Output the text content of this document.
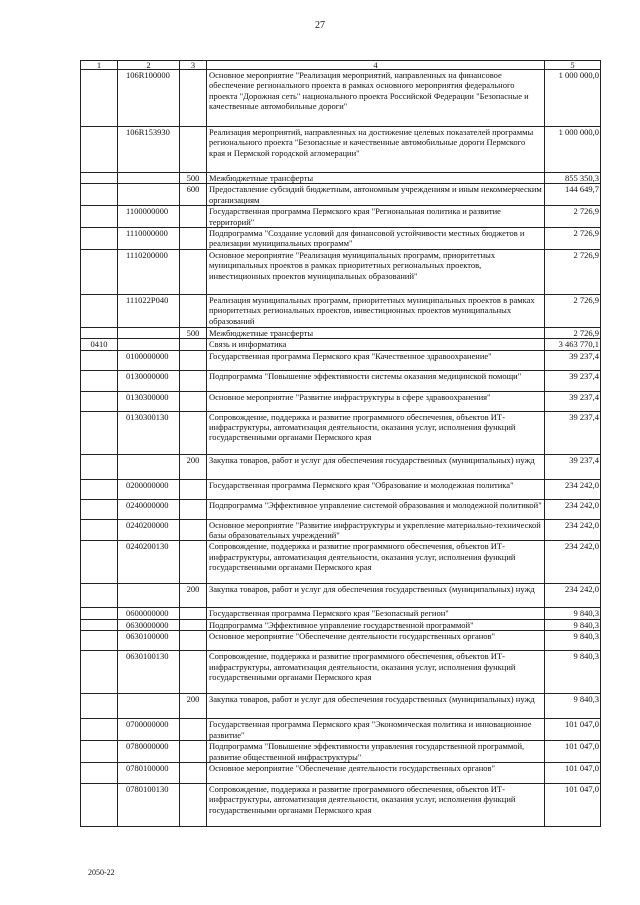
27
1	2	3	4	5
	106R100000		Основное мероприятие "Реализация мероприятий, направленных на финансовое обеспечение регионального проекта в рамках основного мероприятия федерального проекта "Дорожная сеть" национального проекта Российской Федерации "Безопасные и качественные автомобильные дороги"	1 000 000,0
	106R153930		Реализация мероприятий, направленных на достижение целевых показателей программы регионального проекта "Безопасные и качественные автомобильные дороги Пермского края и Пермской городской агломерации"	1 000 000,0
		500	Межбюджетные трансферты	855 350,3
		600	Предоставление субсидий бюджетным, автономным учреждениям и иным некоммерческим организациям	144 649,7
	1100000000		Государственная программа Пермского края "Региональная политика и развитие территорий"	2 726,9
	1110000000		Подпрограмма "Создание условий для финансовой устойчивости местных бюджетов и реализации муниципальных программ"	2 726,9
	1110200000		Основное мероприятие "Реализация муниципальных программ, приоритетных муниципальных проектов в рамках приоритетных региональных проектов, инвестиционных проектов муниципальных образований"	2 726,9
	111022P040		Реализация муниципальных программ, приоритетных муниципальных проектов в рамках приоритетных региональных проектов, инвестиционных проектов муниципальных образований	2 726,9
		500	Межбюджетные трансферты	2 726,9
0410			Связь и информатика	3 463 770,1
	0100000000		Государственная программа Пермского края "Качественное здравоохранение"	39 237,4
	0130000000		Подпрограмма "Повышение эффективности системы оказания медицинской помощи"	39 237,4
	0130300000		Основное мероприятие "Развитие инфраструктуры в сфере здравоохранения"	39 237,4
	0130300130		Сопровождение, поддержка и развитие программного обеспечения, объектов ИТ-инфраструктуры, автоматизация деятельности, оказания услуг, исполнения функций государственными органами Пермского края	39 237,4
		200	Закупка товаров, работ и услуг для обеспечения государственных (муниципальных) нужд	39 237,4
	0200000000		Государственная программа Пермского края "Образование и молодежная политика"	234 242,0
	0240000000		Подпрограмма "Эффективное управление системой образования и молодежной политикой"	234 242,0
	0240200000		Основное мероприятие "Развитие инфраструктуры и укрепление материально-технической базы образовательных учреждений"	234 242,0
	0240200130		Сопровождение, поддержка и развитие программного обеспечения, объектов ИТ-инфраструктуры, автоматизация деятельности, оказания услуг, исполнения функций государственными органами Пермского края	234 242,0
		200	Закупка товаров, работ и услуг для обеспечения государственных (муниципальных) нужд	234 242,0
	0600000000		Государственная программа Пермского края "Безопасный регион"	9 840,3
	0630000000		Подпрограмма "Эффективное управление государственной программой"	9 840,3
	0630100000		Основное мероприятие "Обеспечение деятельности государственных органов"	9 840,3
	0630100130		Сопровождение, поддержка и развитие программного обеспечения, объектов ИТ-инфраструктуры, автоматизация деятельности, оказания услуг, исполнения функций государственными органами Пермского края	9 840,3
		200	Закупка товаров, работ и услуг для обеспечения государственных (муниципальных) нужд	9 840,3
	0700000000		Государственная программа Пермского края "Экономическая политика и инновационное развитие"	101 047,0
	0780000000		Подпрограмма "Повышение эффективности управления государственной программой, развитие общественной инфраструктуры"	101 047,0
	0780100000		Основное мероприятие "Обеспечение деятельности государственных органов"	101 047,0
	0780100130		Сопровождение, поддержка и развитие программного обеспечения, объектов ИТ-инфраструктуры, автоматизация деятельности, оказания услуг, исполнения функций государственными органами Пермского края	101 047,0
2050-22
